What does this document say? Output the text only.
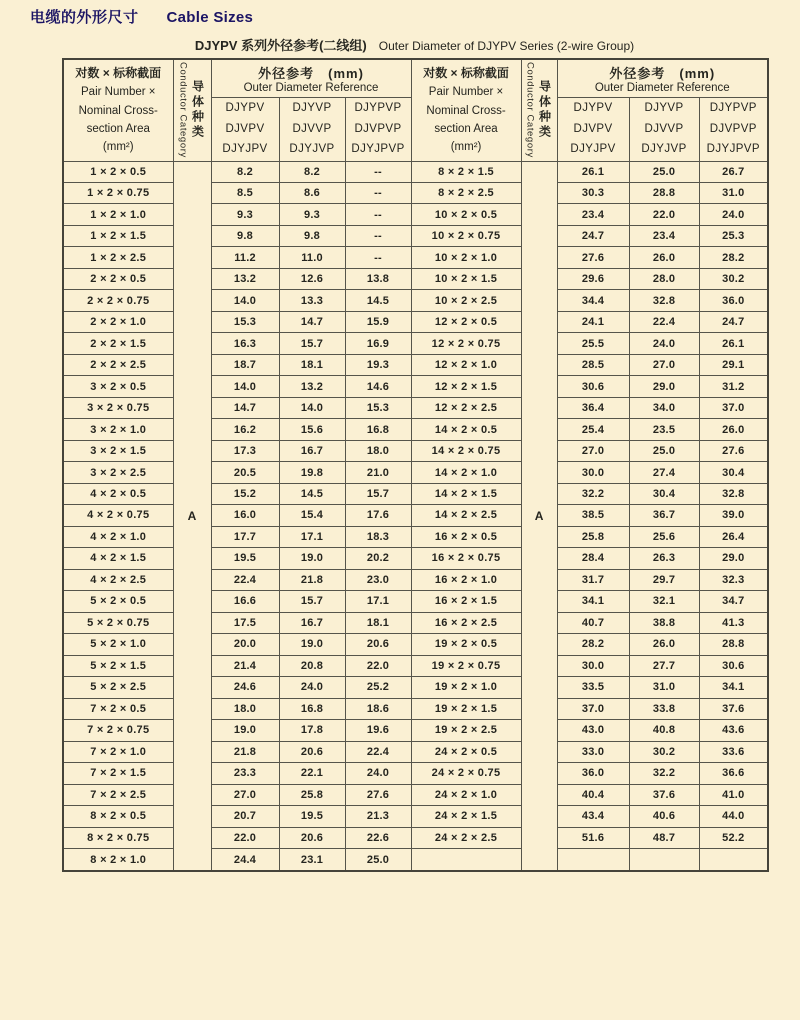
电缆的外形尺寸 Cable Sizes
DJYPV 系列外径参考(二线组) Outer Diameter of DJYPV Series (2-wire Group)
对数 × 标称截面
Pair Number ×
Nominal Cross-
section Area
(mm²)	Conductor Category 导体种类	外径参考　(mm)
Outer Diameter Reference			对数 × 标称截面
Pair Number ×
Nominal Cross-
section Area
(mm²)	Conductor Category 导体种类	外径参考　(mm)
Outer Diameter Reference		

		DJYPV
DJVPV
DJYJPV	DJYVP
DJVVP
DJYJVP	DJYPVP
DJVPVP
DJYJPVP			DJYPV
DJVPV
DJYJPV	DJYVP
DJVVP
DJYJVP	DJYPVP
DJVPVP
DJYJPVP

1 × 2 × 0.5	A	8.2	8.2	--	8 × 2 × 1.5	A	26.1	25.0	26.7
1 × 2 × 0.75		8.5	8.6	--	8 × 2 × 2.5		30.3	28.8	31.0
1 × 2 × 1.0		9.3	9.3	--	10 × 2 × 0.5		23.4	22.0	24.0
1 × 2 × 1.5		9.8	9.8	--	10 × 2 × 0.75		24.7	23.4	25.3
1 × 2 × 2.5		11.2	11.0	--	10 × 2 × 1.0		27.6	26.0	28.2
2 × 2 × 0.5		13.2	12.6	13.8	10 × 2 × 1.5		29.6	28.0	30.2
2 × 2 × 0.75		14.0	13.3	14.5	10 × 2 × 2.5		34.4	32.8	36.0
2 × 2 × 1.0		15.3	14.7	15.9	12 × 2 × 0.5		24.1	22.4	24.7
2 × 2 × 1.5		16.3	15.7	16.9	12 × 2 × 0.75		25.5	24.0	26.1
2 × 2 × 2.5		18.7	18.1	19.3	12 × 2 × 1.0		28.5	27.0	29.1
3 × 2 × 0.5		14.0	13.2	14.6	12 × 2 × 1.5		30.6	29.0	31.2
3 × 2 × 0.75		14.7	14.0	15.3	12 × 2 × 2.5		36.4	34.0	37.0
3 × 2 × 1.0		16.2	15.6	16.8	14 × 2 × 0.5		25.4	23.5	26.0
3 × 2 × 1.5		17.3	16.7	18.0	14 × 2 × 0.75		27.0	25.0	27.6
3 × 2 × 2.5		20.5	19.8	21.0	14 × 2 × 1.0		30.0	27.4	30.4
4 × 2 × 0.5		15.2	14.5	15.7	14 × 2 × 1.5		32.2	30.4	32.8
4 × 2 × 0.75		16.0	15.4	17.6	14 × 2 × 2.5		38.5	36.7	39.0
4 × 2 × 1.0		17.7	17.1	18.3	16 × 2 × 0.5		25.8	25.6	26.4
4 × 2 × 1.5		19.5	19.0	20.2	16 × 2 × 0.75		28.4	26.3	29.0
4 × 2 × 2.5		22.4	21.8	23.0	16 × 2 × 1.0		31.7	29.7	32.3
5 × 2 × 0.5		16.6	15.7	17.1	16 × 2 × 1.5		34.1	32.1	34.7
5 × 2 × 0.75		17.5	16.7	18.1	16 × 2 × 2.5		40.7	38.8	41.3
5 × 2 × 1.0		20.0	19.0	20.6	19 × 2 × 0.5		28.2	26.0	28.8
5 × 2 × 1.5		21.4	20.8	22.0	19 × 2 × 0.75		30.0	27.7	30.6
5 × 2 × 2.5		24.6	24.0	25.2	19 × 2 × 1.0		33.5	31.0	34.1
7 × 2 × 0.5		18.0	16.8	18.6	19 × 2 × 1.5		37.0	33.8	37.6
7 × 2 × 0.75		19.0	17.8	19.6	19 × 2 × 2.5		43.0	40.8	43.6
7 × 2 × 1.0		21.8	20.6	22.4	24 × 2 × 0.5		33.0	30.2	33.6
7 × 2 × 1.5		23.3	22.1	24.0	24 × 2 × 0.75		36.0	32.2	36.6
7 × 2 × 2.5		27.0	25.8	27.6	24 × 2 × 1.0		40.4	37.6	41.0
8 × 2 × 0.5		20.7	19.5	21.3	24 × 2 × 1.5		43.4	40.6	44.0
8 × 2 × 0.75		22.0	20.6	22.6	24 × 2 × 2.5		51.6	48.7	52.2
8 × 2 × 1.0		24.4	23.1	25.0					
